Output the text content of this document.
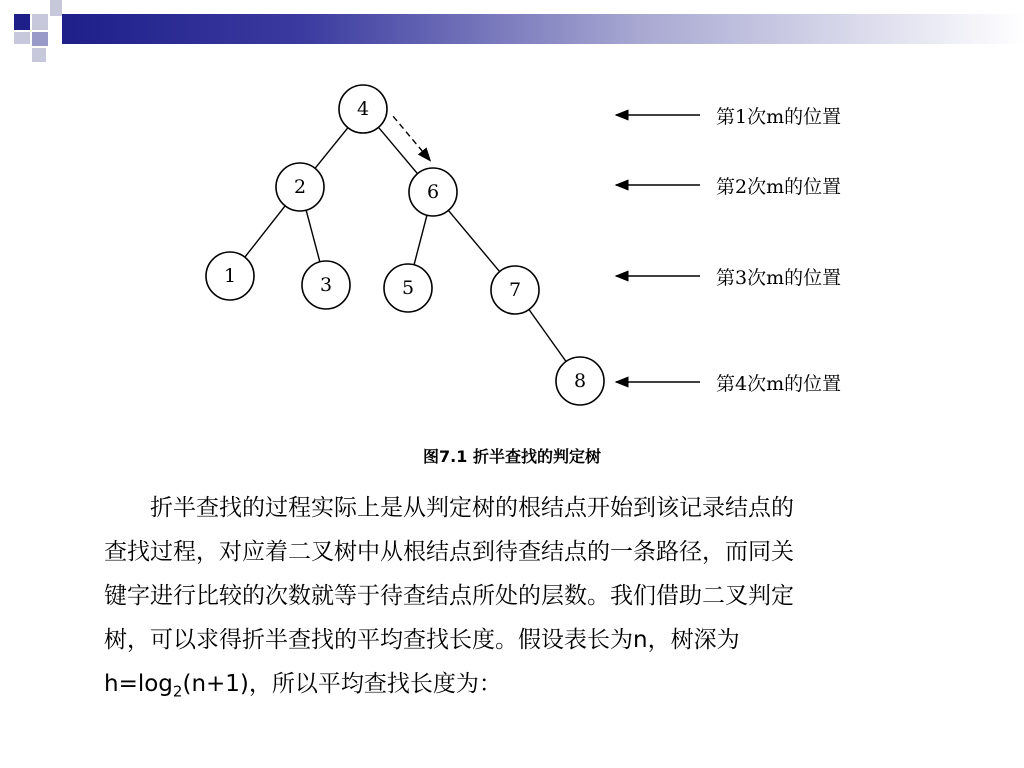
4
2	6
1	3	5	7
8
第1次m的位置
第2次m的位置
第3次m的位置
第4次m的位置
图7.1 折半查找的判定树
折半查找的过程实际上是从判定树的根结点开始到该记录结点的
查找过程，对应着二叉树中从根结点到待查结点的一条路径，而同关
键字进行比较的次数就等于待查结点所处的层数。我们借助二叉判定
树，可以求得折半查找的平均查找长度。假设表长为n，树深为
$h=\log_2(n+1)$，所以平均查找长度为：
